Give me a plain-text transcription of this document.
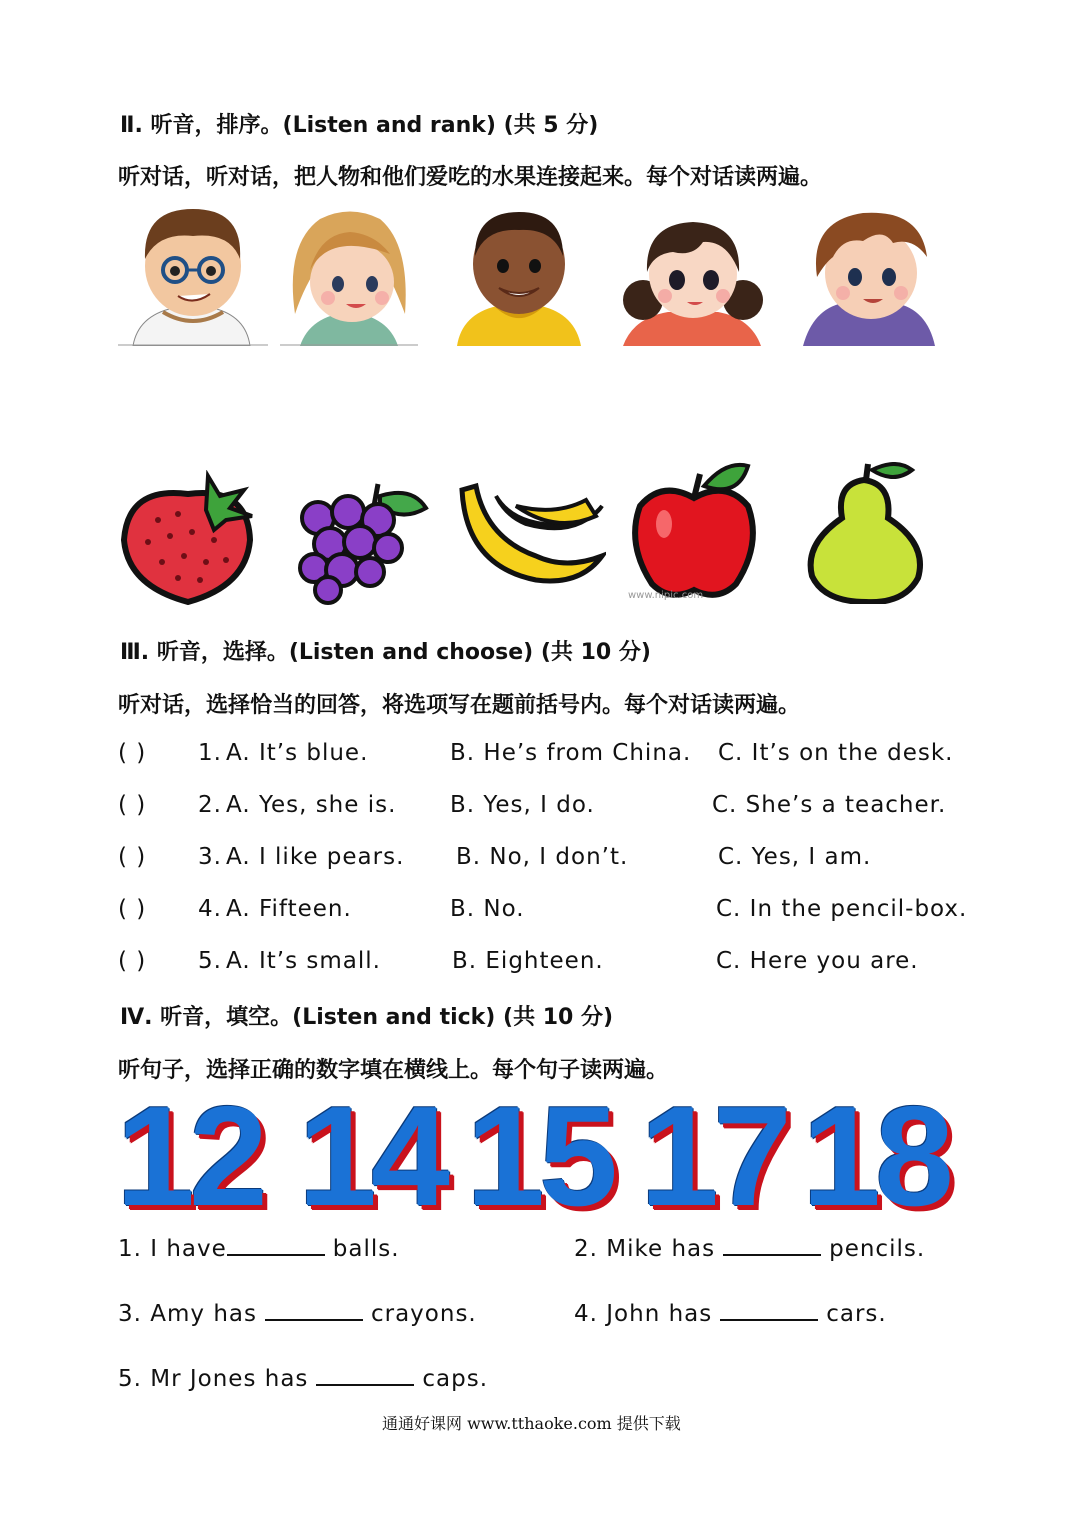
Ⅱ. 听音，排序。(Listen and rank) (共 5 分)
听对话，听对话，把人物和他们爱吃的水果连接起来。每个对话读两遍。
www.nipic.com
Ⅲ. 听音，选择。(Listen and choose) (共 10 分)
听对话，选择恰当的回答，将选项写在题前括号内。每个对话读两遍。
( ) 1. A. It’s blue.	B. He’s from China. C. It’s on the desk.
( ) 2. A. Yes, she is. B. Yes, I do.	C. She’s a teacher.
( ) 3. A. I like pears. B. No, I don’t.	C. Yes, I am.
( ) 4. A. Fifteen.	B. No.	C. In the pencil-box.
( ) 5. A. It’s small.	B. Eighteen.	C. Here you are.
Ⅳ. 听音，填空。(Listen and tick) (共 10 分)
听句子，选择正确的数字填在横线上。每个句子读两遍。
12 14 15 17 18
1. I have	balls.	2. Mike has	pencils.
3. Amy has	crayons.	4. John has	cars.
5. Mr Jones has	caps.
通通好课网 www.tthaoke.com 提供下载
